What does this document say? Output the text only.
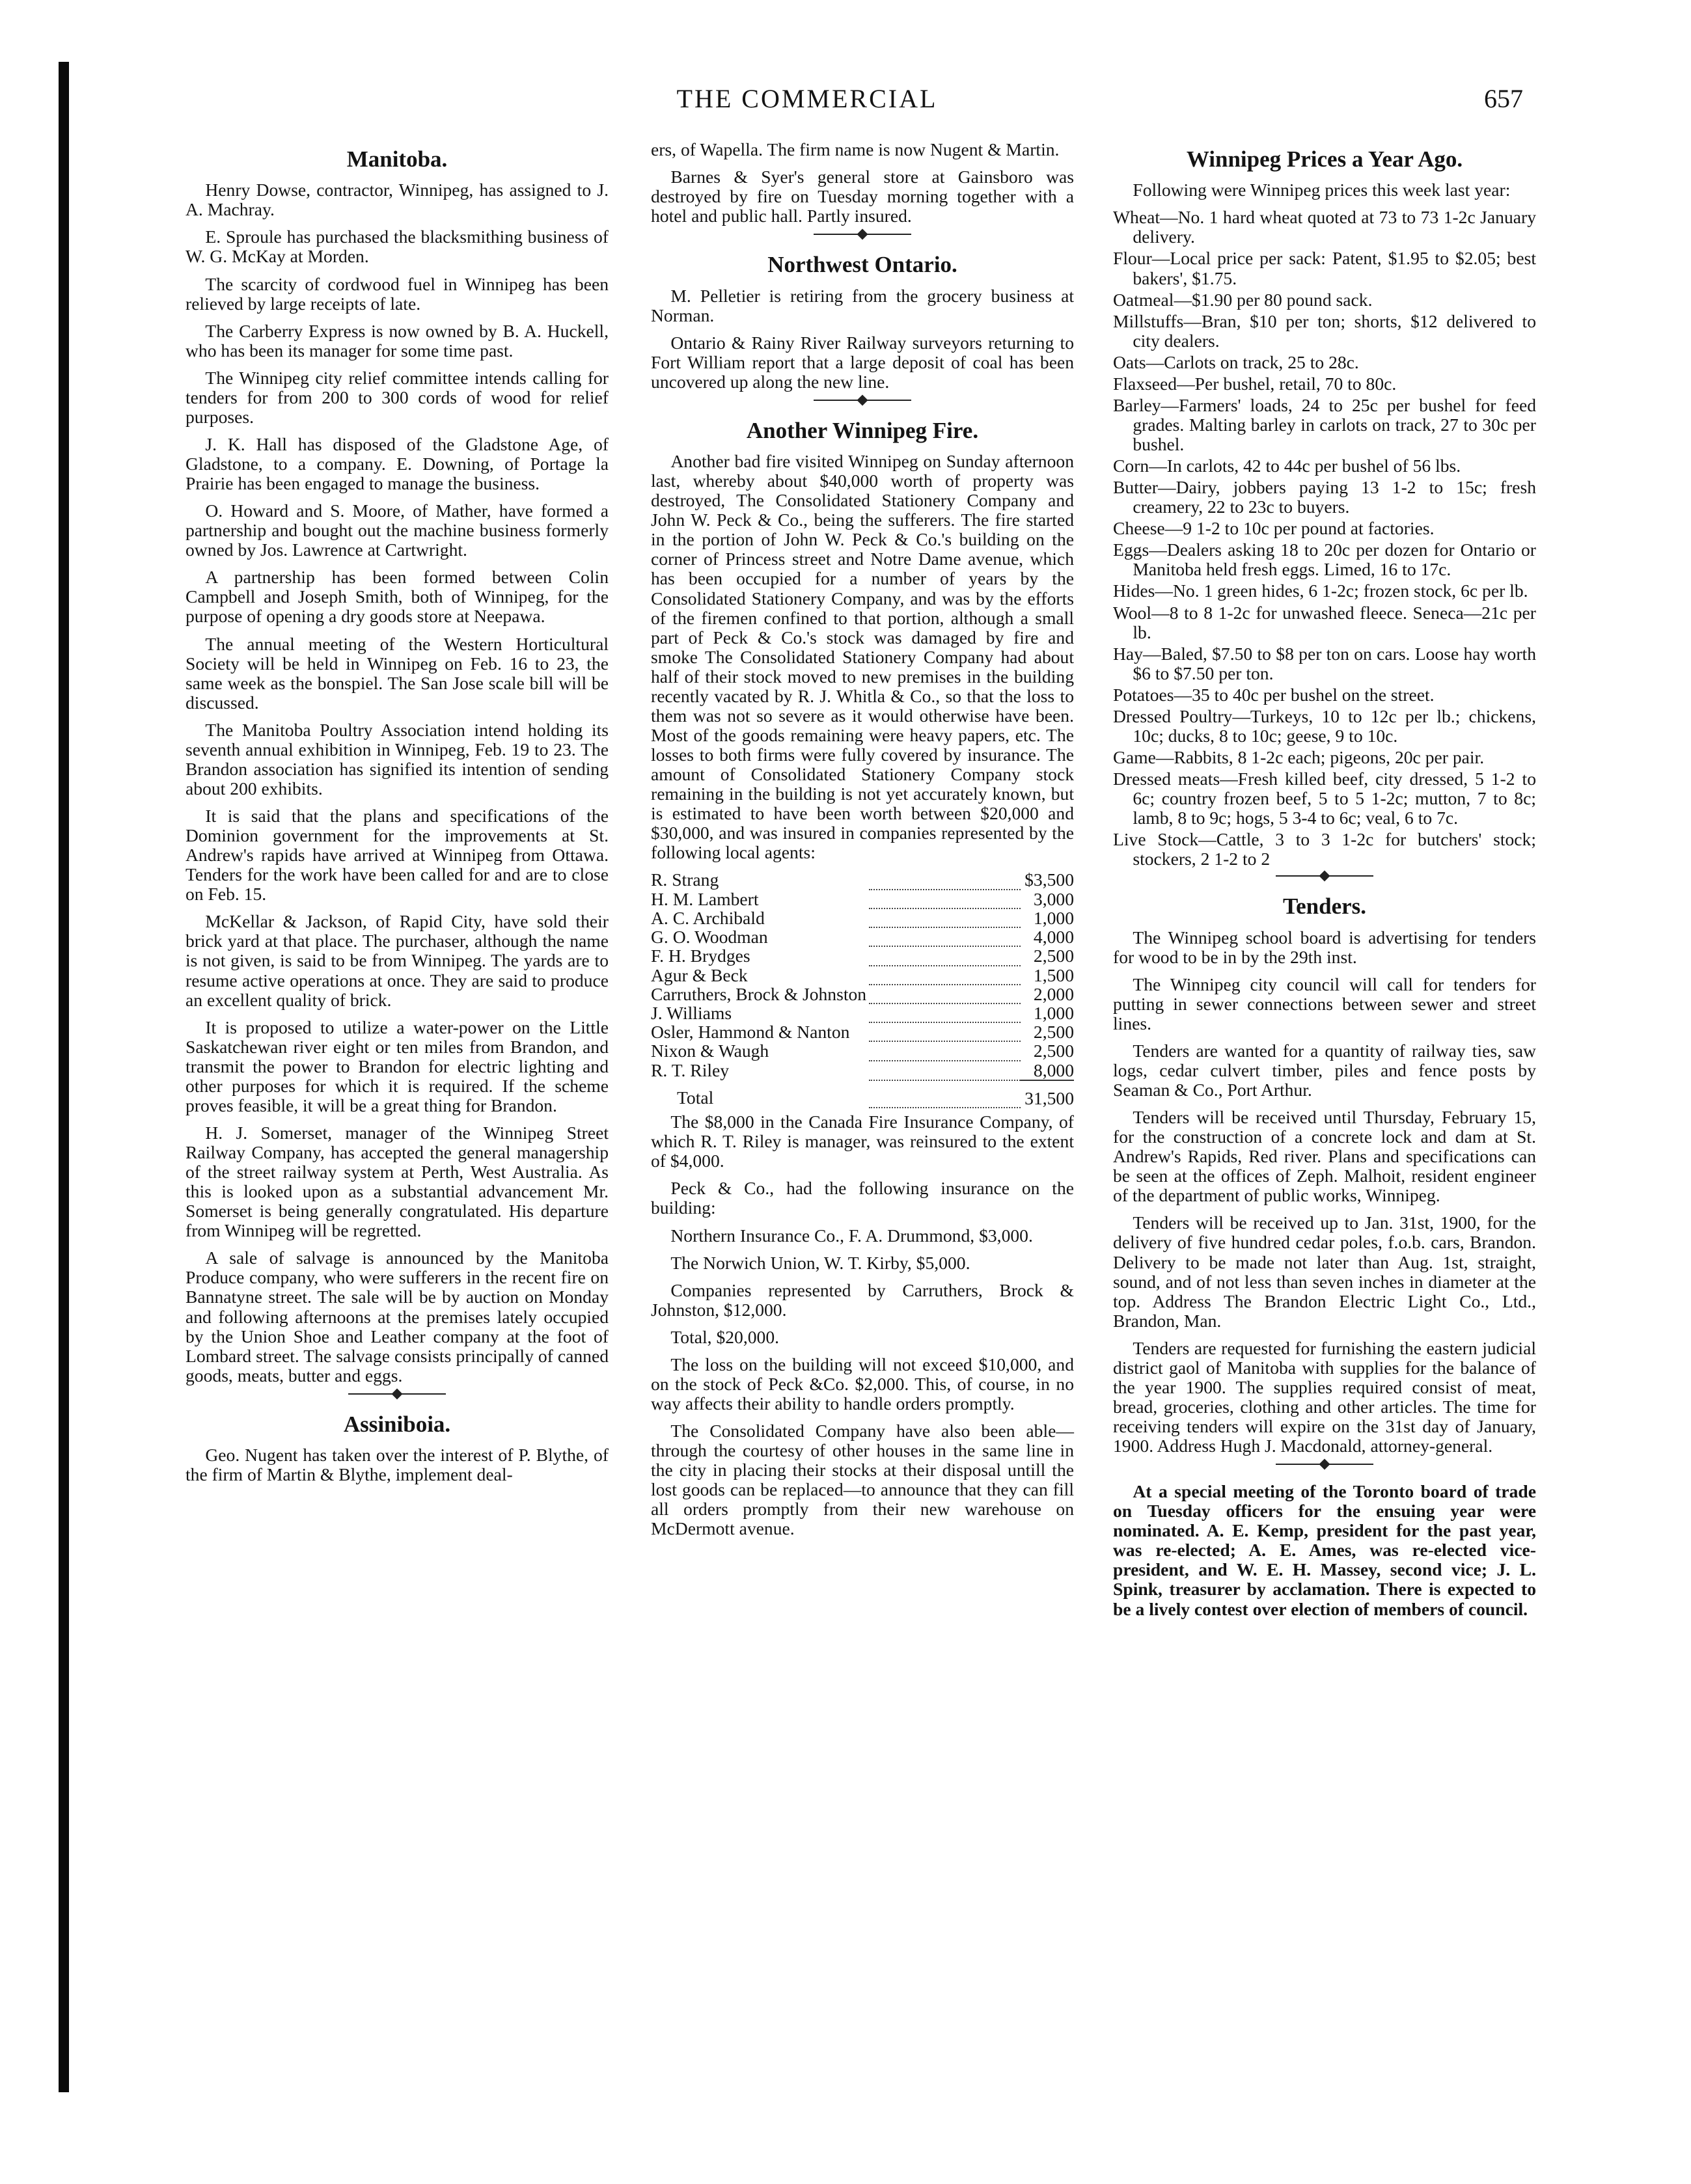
THE COMMERCIAL	657
Manitoba.

Henry Dowse, contractor, Winnipeg, has assigned to J. A. Machray.

E. Sproule has purchased the blacksmithing business of W. G. McKay at Morden.

The scarcity of cordwood fuel in Winnipeg has been relieved by large receipts of late.

The Carberry Express is now owned by B. A. Huckell, who has been its manager for some time past.

The Winnipeg city relief committee intends calling for tenders for from 200 to 300 cords of wood for relief purposes.

J. K. Hall has disposed of the Gladstone Age, of Gladstone, to a company. E. Downing, of Portage la Prairie has been engaged to manage the business.

O. Howard and S. Moore, of Mather, have formed a partnership and bought out the machine business formerly owned by Jos. Lawrence at Cartwright.

A partnership has been formed between Colin Campbell and Joseph Smith, both of Winnipeg, for the purpose of opening a dry goods store at Neepawa.

The annual meeting of the Western Horticultural Society will be held in Winnipeg on Feb. 16 to 23, the same week as the bonspiel. The San Jose scale bill will be discussed.

The Manitoba Poultry Association intend holding its seventh annual exhibition in Winnipeg, Feb. 19 to 23. The Brandon association has signified its intention of sending about 200 exhibits.

It is said that the plans and specifications of the Dominion government for the improvements at St. Andrew's rapids have arrived at Winnipeg from Ottawa. Tenders for the work have been called for and are to close on Feb. 15.

McKellar & Jackson, of Rapid City, have sold their brick yard at that place. The purchaser, although the name is not given, is said to be from Winnipeg. The yards are to resume active operations at once. They are said to produce an excellent quality of brick.

It is proposed to utilize a water-power on the Little Saskatchewan river eight or ten miles from Brandon, and transmit the power to Brandon for electric lighting and other purposes for which it is required. If the scheme proves feasible, it will be a great thing for Brandon.

H. J. Somerset, manager of the Winnipeg Street Railway Company, has accepted the general managership of the street railway system at Perth, West Australia. As this is looked upon as a substantial advancement Mr. Somerset is being generally congratulated. His departure from Winnipeg will be regretted.

A sale of salvage is announced by the Manitoba Produce company, who were sufferers in the recent fire on Bannatyne street. The sale will be by auction on Monday and following afternoons at the premises lately occupied by the Union Shoe and Leather company at the foot of Lombard street. The salvage consists principally of canned goods, meats, butter and eggs.

Assiniboia.

Geo. Nugent has taken over the interest of P. Blythe, of the firm of Martin & Blythe, implement deal-

ers, of Wapella. The firm name is now Nugent & Martin.

Barnes & Syer's general store at Gainsboro was destroyed by fire on Tuesday morning together with a hotel and public hall. Partly insured.

Northwest Ontario.

M. Pelletier is retiring from the grocery business at Norman.

Ontario & Rainy River Railway surveyors returning to Fort William report that a large deposit of coal has been uncovered up along the new line.

Another Winnipeg Fire.

Another bad fire visited Winnipeg on Sunday afternoon last, whereby about $40,000 worth of property was destroyed, The Consolidated Stationery Company and John W. Peck & Co., being the sufferers. The fire started in the portion of John W. Peck & Co.'s building on the corner of Princess street and Notre Dame avenue, which has been occupied for a number of years by the Consolidated Stationery Company, and was by the efforts of the firemen confined to that portion, although a small part of Peck & Co.'s stock was damaged by fire and smoke The Consolidated Stationery Company had about half of their stock moved to new premises in the building recently vacated by R. J. Whitla & Co., so that the loss to them was not so severe as it would otherwise have been. Most of the goods remaining were heavy papers, etc. The losses to both firms were fully covered by insurance. The amount of Consolidated Stationery Company stock remaining in the building is not yet accurately known, but is estimated to have been worth between $20,000 and $30,000, and was insured in companies represented by the following local agents:

R. Strang		$3,500
H. M. Lambert		3,000
A. C. Archibald		1,000
G. O. Woodman		4,000
F. H. Brydges		2,500
Agur & Beck		1,500
Carruthers, Brock & Johnston		2,000
J. Williams		1,000
Osler, Hammond & Nanton		2,500
Nixon & Waugh		2,500
R. T. Riley		8,000
Total		31,500

The $8,000 in the Canada Fire Insurance Company, of which R. T. Riley is manager, was reinsured to the extent of $4,000.

Peck & Co., had the following insurance on the building:

Northern Insurance Co., F. A. Drummond, $3,000.

The Norwich Union, W. T. Kirby, $5,000.

Companies represented by Carruthers, Brock & Johnston, $12,000.

Total, $20,000.

The loss on the building will not exceed $10,000, and on the stock of Peck &Co. $2,000. This, of course, in no way affects their ability to handle orders promptly.

The Consolidated Company have also been able—through the courtesy of other houses in the same line in the city in placing their stocks at their disposal untill the lost goods can be replaced—to announce that they can fill all orders promptly from their new warehouse on McDermott avenue.

Winnipeg Prices a Year Ago.

Following were Winnipeg prices this week last year:

Wheat—No. 1 hard wheat quoted at 73 to 73 1-2c January delivery.

Flour—Local price per sack: Patent, $1.95 to $2.05; best bakers', $1.75.

Oatmeal—$1.90 per 80 pound sack.

Millstuffs—Bran, $10 per ton; shorts, $12 delivered to city dealers.

Oats—Carlots on track, 25 to 28c.

Flaxseed—Per bushel, retail, 70 to 80c.

Barley—Farmers' loads, 24 to 25c per bushel for feed grades. Malting barley in carlots on track, 27 to 30c per bushel.

Corn—In carlots, 42 to 44c per bushel of 56 lbs.

Butter—Dairy, jobbers paying 13 1-2 to 15c; fresh creamery, 22 to 23c to buyers.

Cheese—9 1-2 to 10c per pound at factories.

Eggs—Dealers asking 18 to 20c per dozen for Ontario or Manitoba held fresh eggs. Limed, 16 to 17c.

Hides—No. 1 green hides, 6 1-2c; frozen stock, 6c per lb.

Wool—8 to 8 1-2c for unwashed fleece. Seneca—21c per lb.

Hay—Baled, $7.50 to $8 per ton on cars. Loose hay worth $6 to $7.50 per ton.

Potatoes—35 to 40c per bushel on the street.

Dressed Poultry—Turkeys, 10 to 12c per lb.; chickens, 10c; ducks, 8 to 10c; geese, 9 to 10c.

Game—Rabbits, 8 1-2c each; pigeons, 20c per pair.

Dressed meats—Fresh killed beef, city dressed, 5 1-2 to 6c; country frozen beef, 5 to 5 1-2c; mutton, 7 to 8c; lamb, 8 to 9c; hogs, 5 3-4 to 6c; veal, 6 to 7c.

Live Stock—Cattle, 3 to 3 1-2c for butchers' stock; stockers, 2 1-2 to 2

Tenders.

The Winnipeg school board is advertising for tenders for wood to be in by the 29th inst.

The Winnipeg city council will call for tenders for putting in sewer connections between sewer and street lines.

Tenders are wanted for a quantity of railway ties, saw logs, cedar culvert timber, piles and fence posts by Seaman & Co., Port Arthur.

Tenders will be received until Thursday, February 15, for the construction of a concrete lock and dam at St. Andrew's Rapids, Red river. Plans and specifications can be seen at the offices of Zeph. Malhoit, resident engineer of the department of public works, Winnipeg.

Tenders will be received up to Jan. 31st, 1900, for the delivery of five hundred cedar poles, f.o.b. cars, Brandon. Delivery to be made not later than Aug. 1st, straight, sound, and of not less than seven inches in diameter at the top. Address The Brandon Electric Light Co., Ltd., Brandon, Man.

Tenders are requested for furnishing the eastern judicial district gaol of Manitoba with supplies for the balance of the year 1900. The supplies required consist of meat, bread, groceries, clothing and other articles. The time for receiving tenders will expire on the 31st day of January, 1900. Address Hugh J. Macdonald, attorney-general.

At a special meeting of the Toronto board of trade on Tuesday officers for the ensuing year were nominated. A. E. Kemp, president for the past year, was re-elected; A. E. Ames, was re-elected vice-president, and W. E. H. Massey, second vice; J. L. Spink, treasurer by acclamation. There is expected to be a lively contest over election of members of council.
